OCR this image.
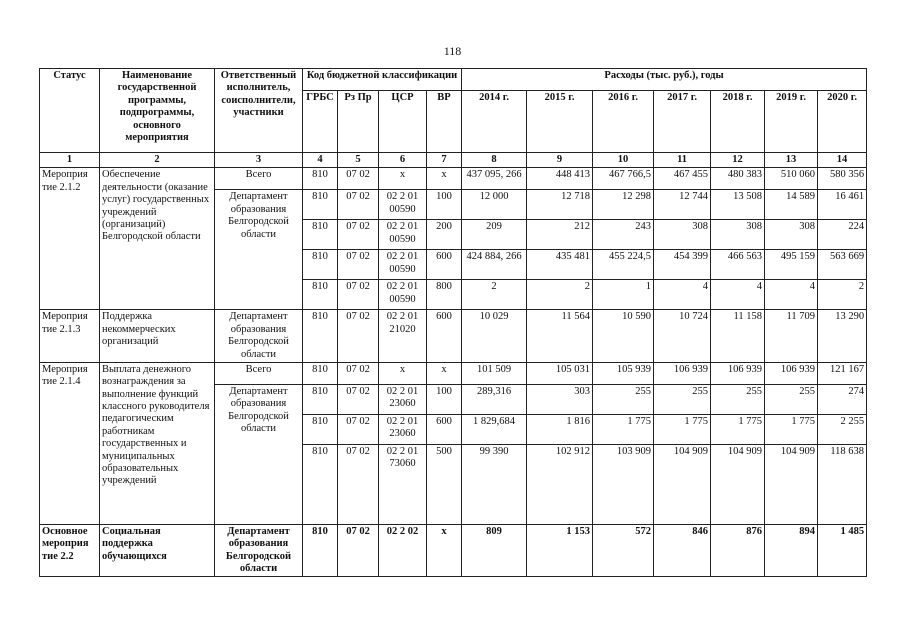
118
Статус	Наименование государственной программы, подпрограммы, основного мероприятия	Ответственный исполнитель, соисполнители, участники	Код бюджетной классификации				Расходы (тыс. руб.), годы						
			ГРБС	Рз Пр	ЦСР	ВР	2014 г.	2015 г.	2016 г.	2017 г.	2018 г.	2019 г.	2020 г.
1	2	3	4	5	6	7	8	9	10	11	12	13	14
Мероприя тие 2.1.2	Обеспечение деятельности (оказание услуг) государственных учреждений (организаций) Белгородской области	Всего	810	07 02	х	х	437 095, 266	448 413	467 766,5	467 455	480 383	510 060	580 356
		Департамент образования Белгородской области	810	07 02	02 2 01 00590	100	12 000	12 718	12 298	12 744	13 508	14 589	16 461
			810	07 02	02 2 01 00590	200	209	212	243	308	308	308	224
			810	07 02	02 2 01 00590	600	424 884, 266	435 481	455 224,5	454 399	466 563	495 159	563 669
			810	07 02	02 2 01 00590	800	2	2	1	4	4	4	2
Мероприя тие 2.1.3	Поддержка некоммерческих организаций	Департамент образования Белгородской области	810	07 02	02 2 01 21020	600	10 029	11 564	10 590	10 724	11 158	11 709	13 290
Мероприя тие 2.1.4	Выплата денежного вознаграждения за выполнение функций классного руководителя педагогическим работникам государственных и муниципальных образовательных учреждений	Всего	810	07 02	х	х	101 509	105 031	105 939	106 939	106 939	106 939	121 167
		Департамент образования Белгородской области	810	07 02	02 2 01 23060	100	289,316	303	255	255	255	255	274
			810	07 02	02 2 01 23060	600	1 829,684	1 816	1 775	1 775	1 775	1 775	2 255
			810	07 02	02 2 01 73060	500	99 390	102 912	103 909	104 909	104 909	104 909	118 638
Основное мероприя тие 2.2	Социальная поддержка обучающихся	Департамент образования Белгородской области	810	07 02	02 2 02	х	809	1 153	572	846	876	894	1 485
